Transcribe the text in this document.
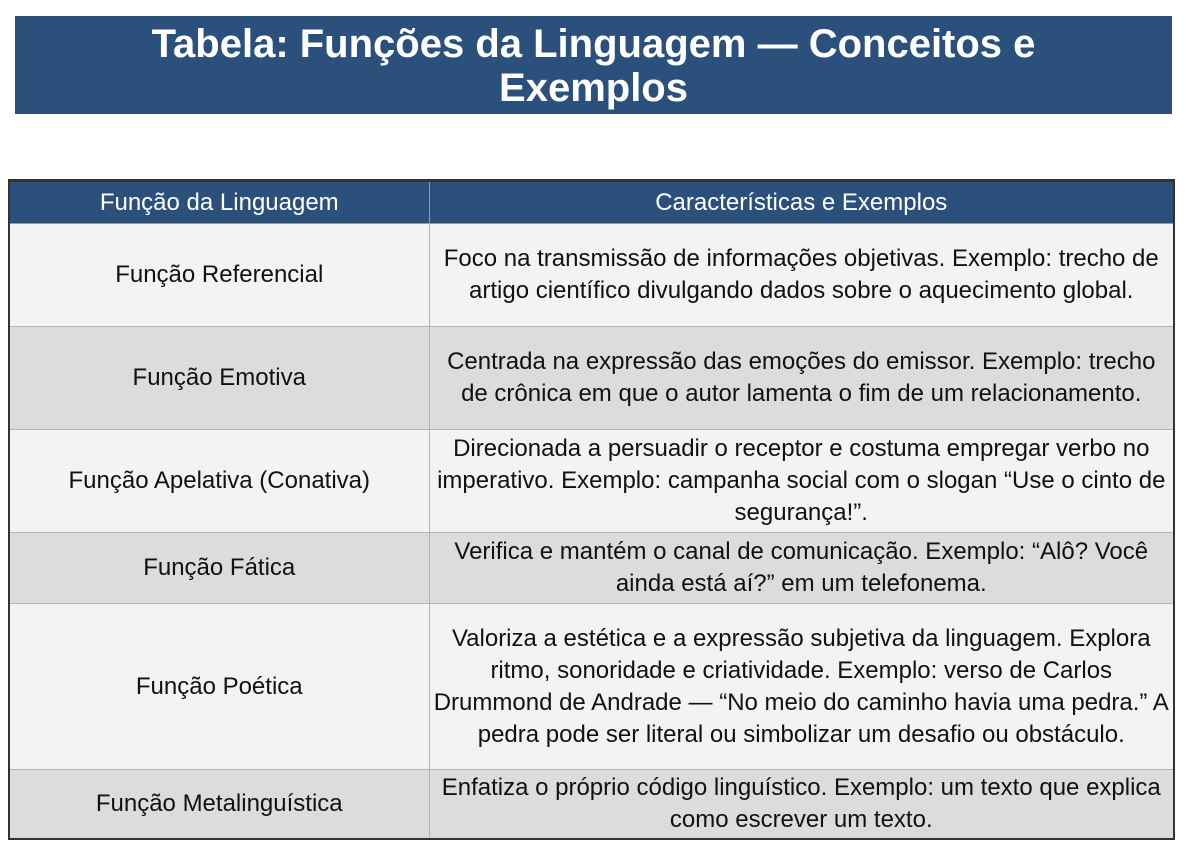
Tabela: Funções da Linguagem — Conceitos e Exemplos
Função da Linguagem	Características e Exemplos
Função Referencial	Foco na transmissão de informações objetivas. Exemplo: trecho de artigo científico divulgando dados sobre o aquecimento global.
Função Emotiva	Centrada na expressão das emoções do emissor. Exemplo: trecho de crônica em que o autor lamenta o fim de um relacionamento.
Função Apelativa (Conativa)	Direcionada a persuadir o receptor e costuma empregar verbo no imperativo. Exemplo: campanha social com o slogan “Use o cinto de segurança!”.
Função Fática	Verifica e mantém o canal de comunicação. Exemplo: “Alô? Você ainda está aí?” em um telefonema.
Função Poética	Valoriza a estética e a expressão subjetiva da linguagem. Explora ritmo, sonoridade e criatividade. Exemplo: verso de Carlos Drummond de Andrade — “No meio do caminho havia uma pedra.” A pedra pode ser literal ou simbolizar um desafio ou obstáculo.
Função Metalinguística	Enfatiza o próprio código linguístico. Exemplo: um texto que explica como escrever um texto.
